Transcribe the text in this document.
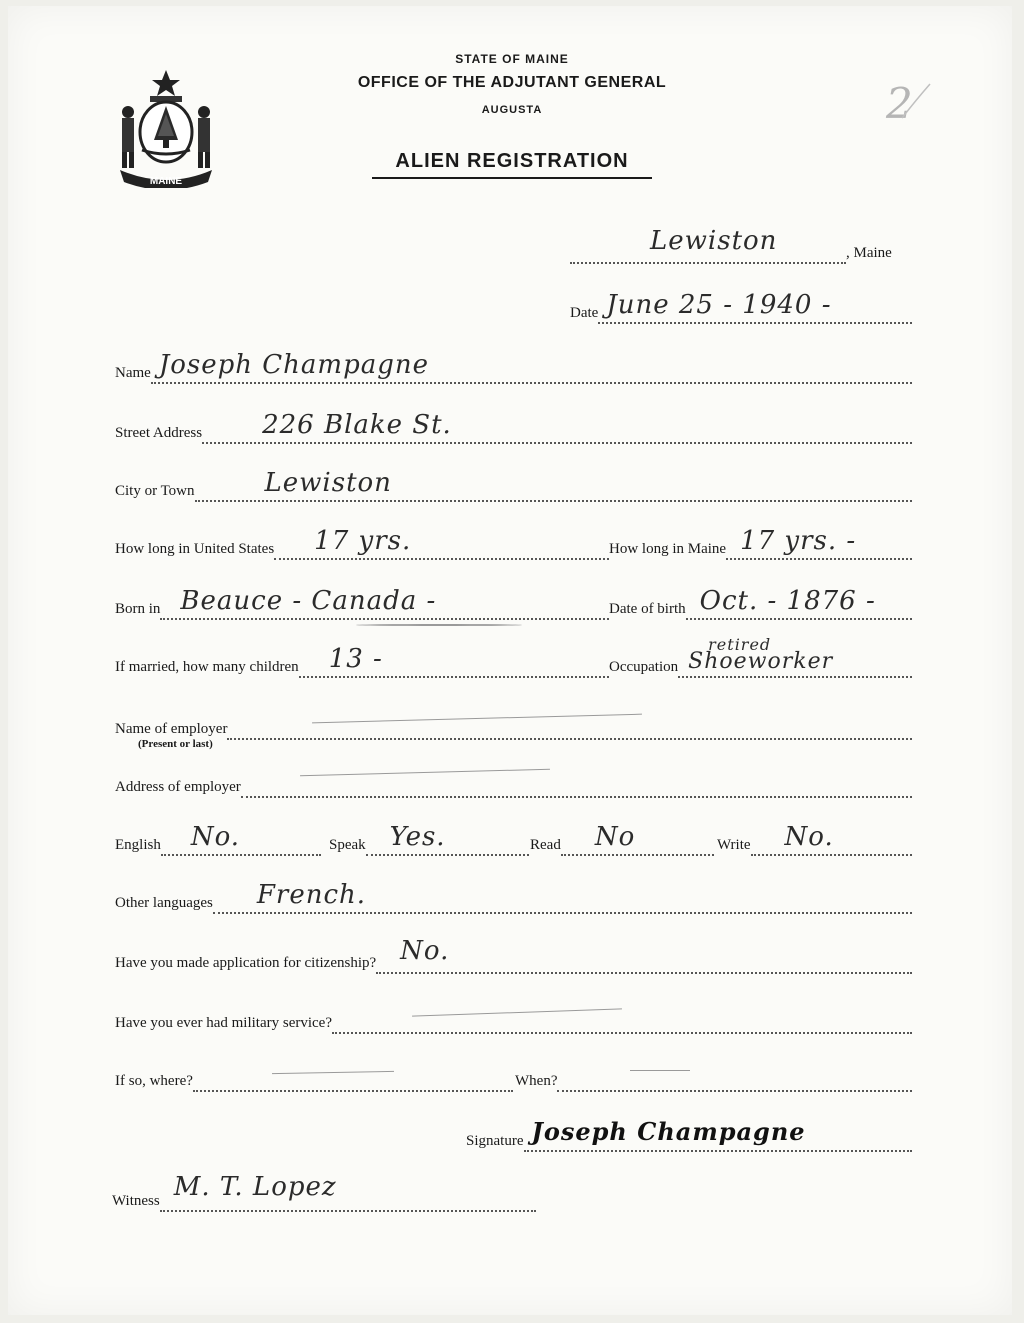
MAINE
2
STATE OF MAINE
OFFICE OF THE ADJUTANT GENERAL
AUGUSTA
ALIEN REGISTRATION
Lewiston	, Maine
Date June 25 - 1940 -
Name Joseph Champagne
Street Address 226 Blake St.
City or Town	Lewiston
How long in United States 17 yrs.	How long in Maine 17 yrs. -
Born in Beauce - Canada -	Date of birth Oct. - 1876 -
If married, how many children 13 -	Occupation
retired
Shoeworker
Name of employer
(Present or last)
Address of employer
English No.	Speak Yes.	Read No	Write No.
Other languages French.
Have you made application for citizenship? No.
Have you ever had military service?
If so, where?	When?
Signature Joseph Champagne
Witness M. T. Lopez
